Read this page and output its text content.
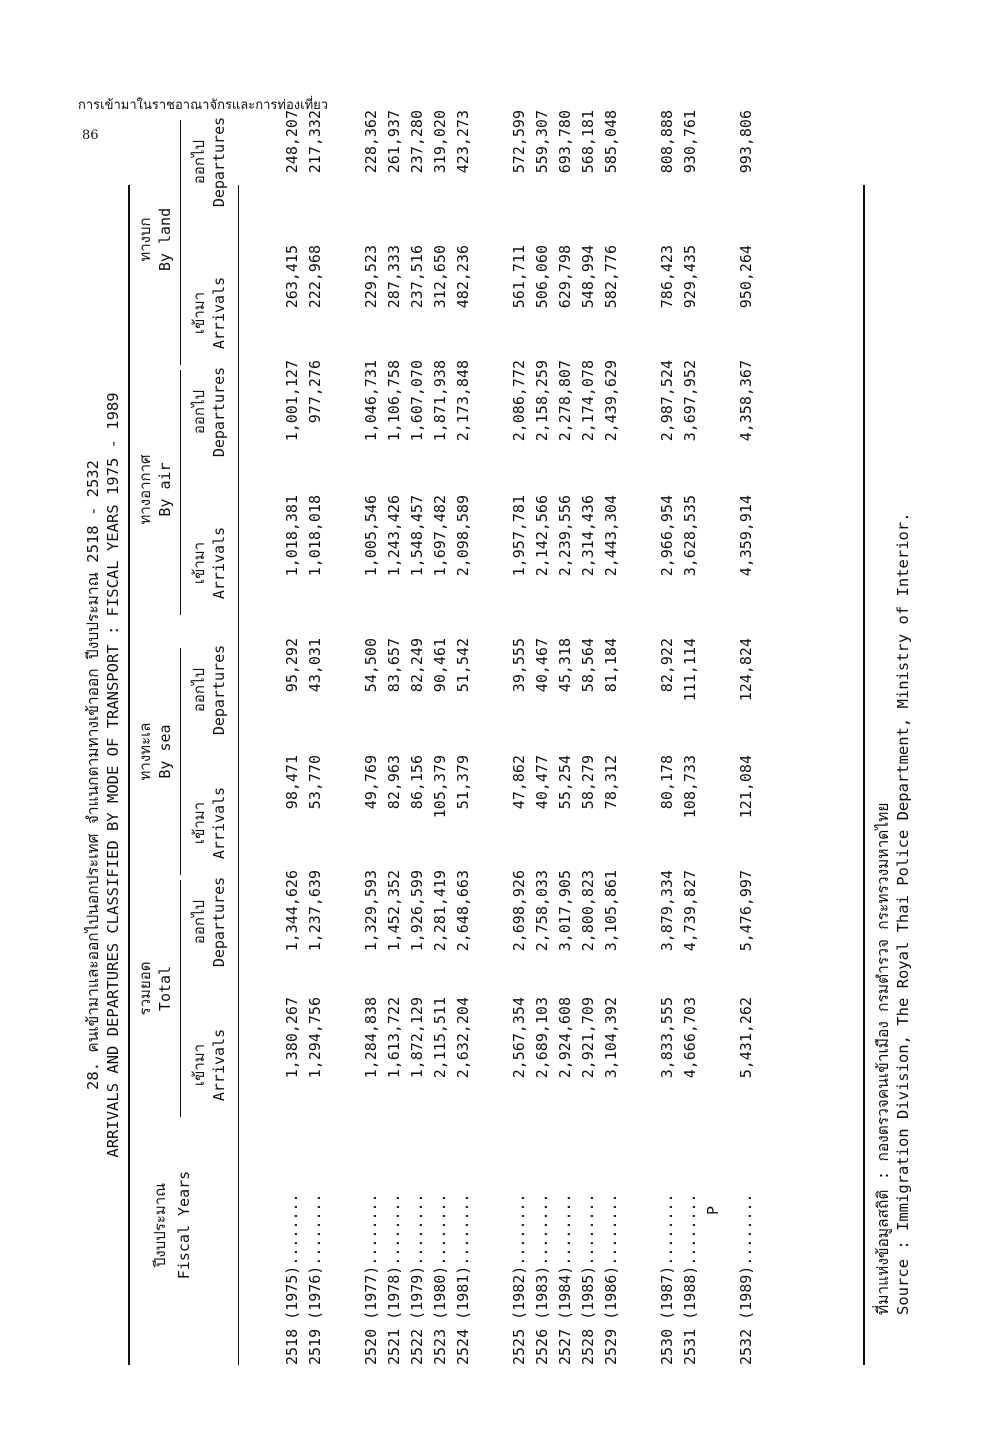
การเข้ามาในราชอาณาจักรและการท่องเที่ยว
86
28. คนเข้ามาและออกไปนอกประเทศ จำแนกตามทางเข้าออก ปีงบประมาณ 2518 - 2532 ARRIVALS AND DEPARTURES CLASSIFIED BY MODE OF TRANSPORT : FISCAL YEARS 1975 - 1989
ปีงบประมาณ Fiscal Years
รวมยอด Total
ทางทะเล By sea
ทางอากาศ By air
ทางบก By land
เข้ามา Arrivals
ออกไป Departures
เข้ามา Arrivals
ออกไป Departures
เข้ามา Arrivals
ออกไป Departures
เข้ามา Arrivals
ออกไป Departures
2518 (1975)........
1,380,267
1,344,626
98,471
95,292
1,018,381
1,001,127
263,415
248,207
2519 (1976)........
1,294,756
1,237,639
53,770
43,031
1,018,018
977,276
222,968
217,332
2520 (1977)........
1,284,838
1,329,593
49,769
54,500
1,005,546
1,046,731
229,523
228,362
2521 (1978)........
1,613,722
1,452,352
82,963
83,657
1,243,426
1,106,758
287,333
261,937
2522 (1979)........
1,872,129
1,926,599
86,156
82,249
1,548,457
1,607,070
237,516
237,280
2523 (1980)........
2,115,511
2,281,419
105,379
90,461
1,697,482
1,871,938
312,650
319,020
2524 (1981)........
2,632,204
2,648,663
51,379
51,542
2,098,589
2,173,848
482,236
423,273
2525 (1982)........
2,567,354
2,698,926
47,862
39,555
1,957,781
2,086,772
561,711
572,599
2526 (1983)........
2,689,103
2,758,033
40,477
40,467
2,142,566
2,158,259
506,060
559,307
2527 (1984)........
2,924,608
3,017,905
55,254
45,318
2,239,556
2,278,807
629,798
693,780
2528 (1985)........
2,921,709
2,800,823
58,279
58,564
2,314,436
2,174,078
548,994
568,181
2529 (1986)........
3,104,392
3,105,861
78,312
81,184
2,443,304
2,439,629
582,776
585,048
2530 (1987)........
3,833,555
3,879,334
80,178
82,922
2,966,954
2,987,524
786,423
808,888
2531 (1988)........
4,666,703
4,739,827
108,733
111,114
3,628,535
3,697,952
929,435
930,761
2532 (1989)........
5,431,262
5,476,997
121,084
124,824
4,359,914
4,358,367
950,264
993,806
P	ที่มาแห่งข้อมูลสถิติ : กองตรวจคนเข้าเมือง กรมตำรวจ กระทรวงมหาดไทย Source : Immigration Division, The Royal Thai Police Department, Ministry of Interior.
